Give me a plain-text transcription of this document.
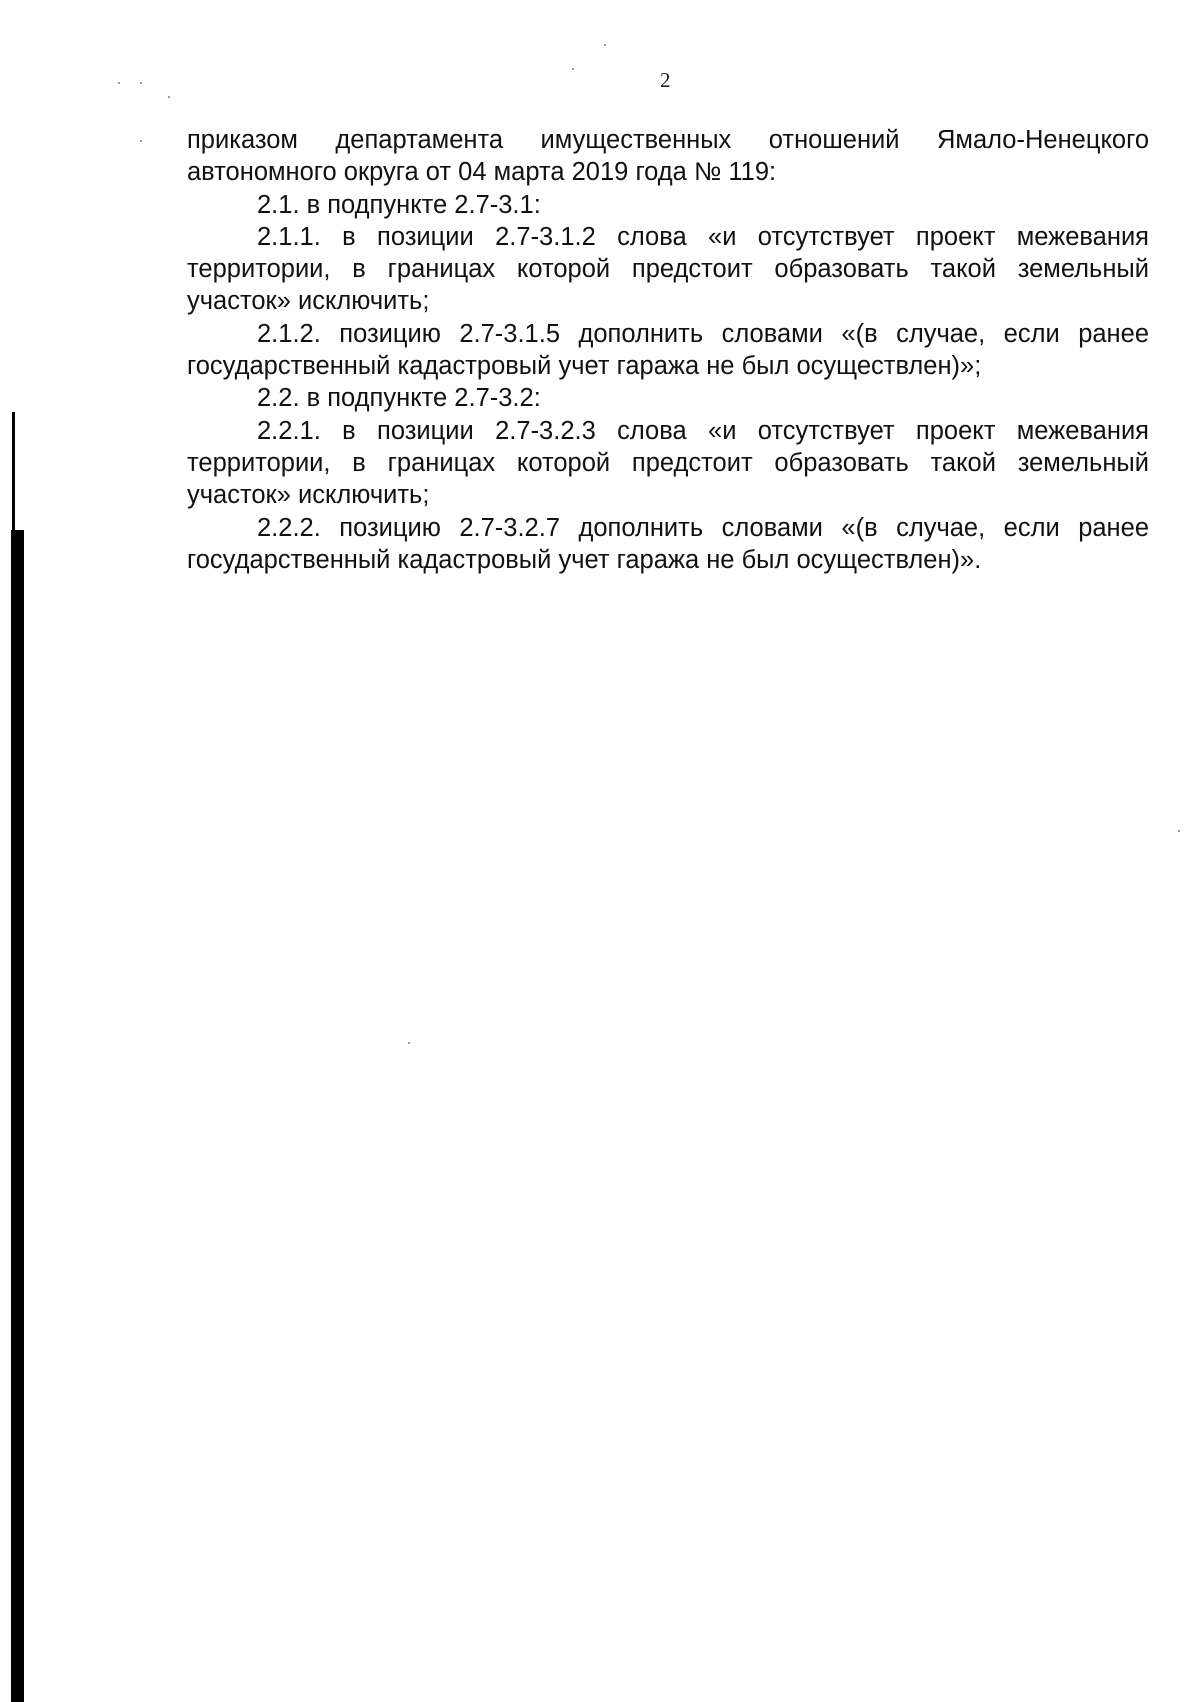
2

приказом департамента имущественных отношений Ямало-Ненецкого автономного округа от 04 марта 2019 года № 119:

2.1. в подпункте 2.7-3.1:

2.1.1. в позиции 2.7-3.1.2 слова «и отсутствует проект межевания территории, в границах которой предстоит образовать такой земельный участок» исключить;

2.1.2. позицию 2.7-3.1.5 дополнить словами «(в случае, если ранее государственный кадастровый учет гаража не был осуществлен)»;

2.2. в подпункте 2.7-3.2:

2.2.1. в позиции 2.7-3.2.3 слова «и отсутствует проект межевания территории, в границах которой предстоит образовать такой земельный участок» исключить;

2.2.2. позицию 2.7-3.2.7 дополнить словами «(в случае, если ранее государственный кадастровый учет гаража не был осуществлен)».
